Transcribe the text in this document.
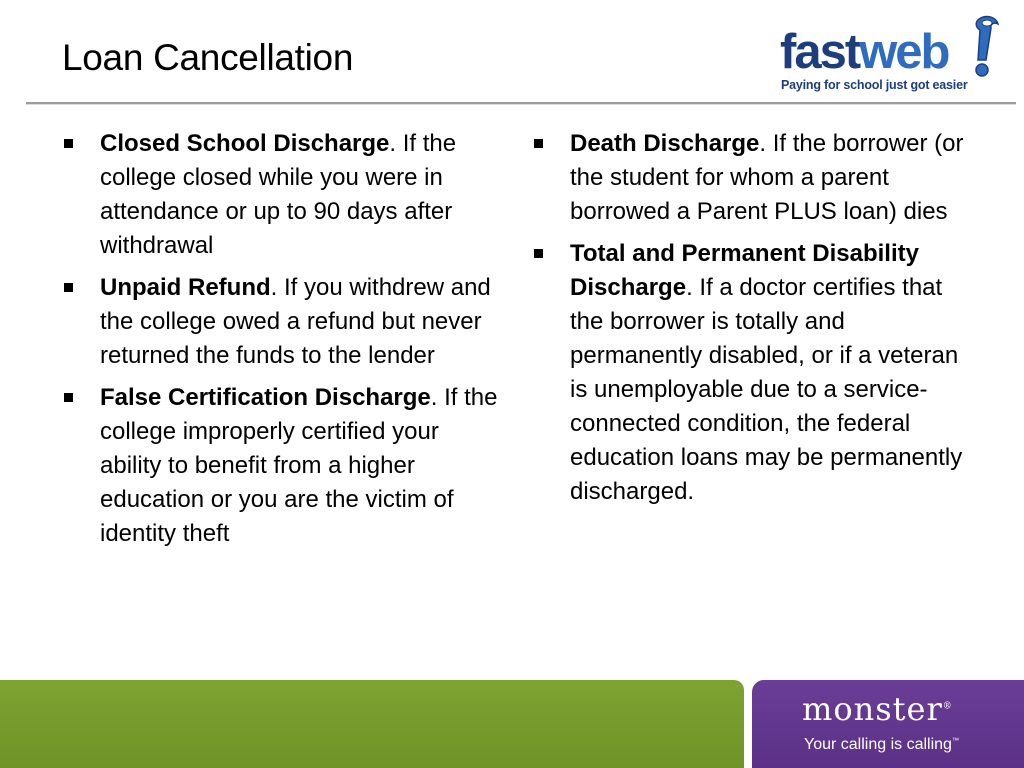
Loan Cancellation	fastweb
Paying for school just got easier
Closed School Discharge. If the college closed while you were in attendance or up to 90 days after withdrawal
Unpaid Refund. If you withdrew and the college owed a refund but never returned the funds to the lender
False Certification Discharge. If the college improperly certified your ability to benefit from a higher education or you are the victim of identity theft
Death Discharge. If the borrower (or the student for whom a parent borrowed a Parent PLUS loan) dies
Total and Permanent Disability Discharge. If a doctor certifies that the borrower is totally and permanently disabled, or if a veteran is unemployable due to a service-connected condition, the federal education loans may be permanently discharged.
monster®
Your calling is calling™
